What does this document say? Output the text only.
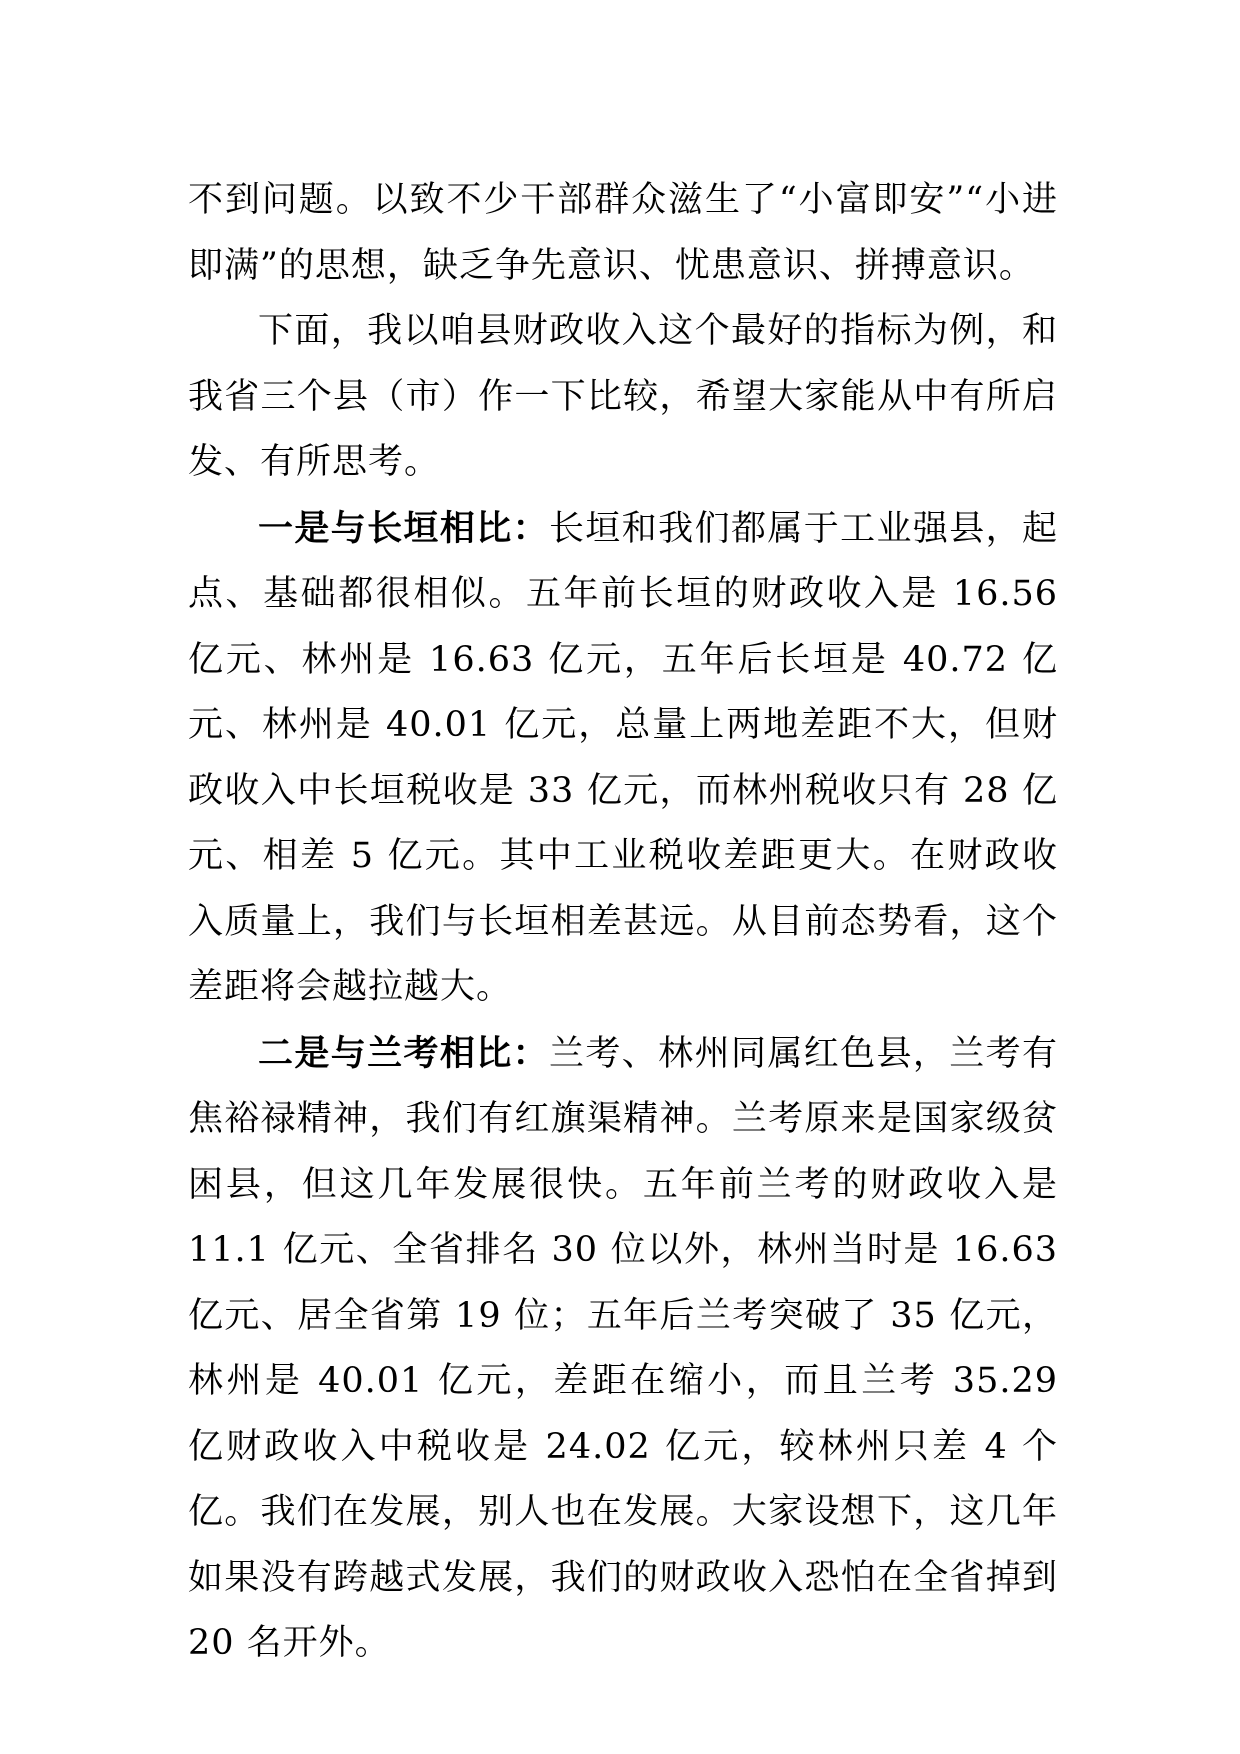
不到问题。以致不少干部群众滋生了“小富即安”“小进即满”的思想，缺乏争先意识、忧患意识、拼搏意识。

下面，我以咱县财政收入这个最好的指标为例，和我省三个县（市）作一下比较，希望大家能从中有所启发、有所思考。

一是与长垣相比：长垣和我们都属于工业强县，起点、基础都很相似。五年前长垣的财政收入是 16.56 亿元、林州是 16.63 亿元，五年后长垣是 40.72 亿元、林州是 40.01 亿元，总量上两地差距不大，但财政收入中长垣税收是 33 亿元，而林州税收只有 28 亿元、相差 5 亿元。其中工业税收差距更大。在财政收入质量上，我们与长垣相差甚远。从目前态势看，这个差距将会越拉越大。

二是与兰考相比：兰考、林州同属红色县，兰考有焦裕禄精神，我们有红旗渠精神。兰考原来是国家级贫困县，但这几年发展很快。五年前兰考的财政收入是 11.1 亿元、全省排名 30 位以外，林州当时是 16.63 亿元、居全省第 19 位；五年后兰考突破了 35 亿元，林州是 40.01 亿元，差距在缩小，而且兰考 35.29 亿财政收入中税收是 24.02 亿元，较林州只差 4 个亿。我们在发展，别人也在发展。大家设想下，这几年如果没有跨越式发展，我们的财政收入恐怕在全省掉到 20 名开外。
